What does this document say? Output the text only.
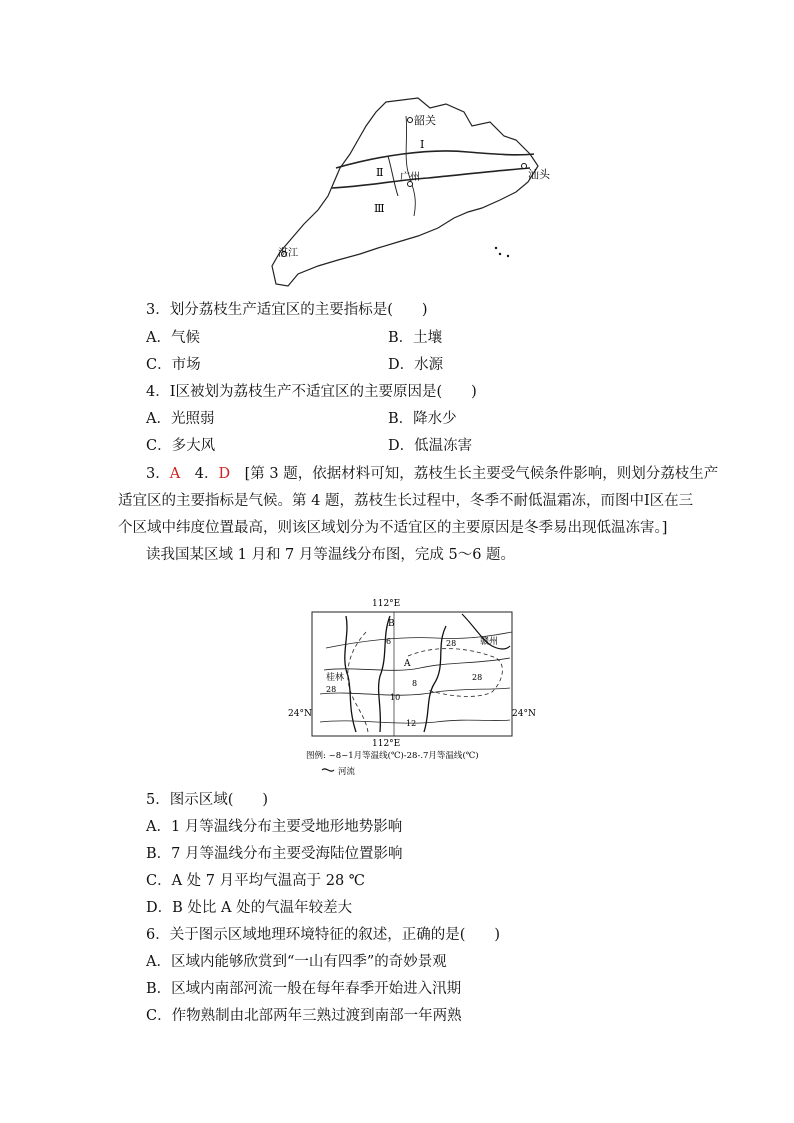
韶关
Ⅰ
Ⅱ 广州	汕头
Ⅲ
湛江
3．划分荔枝生产适宜区的主要指标是(　　)
A．气候	B．土壤
C．市场	D．水源
4．Ⅰ区被划为荔枝生产不适宜区的主要原因是(　　)
A．光照弱	B．降水少
C．多大风	D．低温冻害
3．A　4．D　[第 3 题，依据材料可知，荔枝生长主要受气候条件影响，则划分荔枝生产
适宜区的主要指标是气候。第 4 题，荔枝生长过程中，冬季不耐低温霜冻，而图中Ⅰ区在三
个区域中纬度位置最高，则该区域划分为不适宜区的主要原因是冬季易出现低温冻害。]
读我国某区域 1 月和 7 月等温线分布图，完成 5～6 题。
112°E
B
6	28	赣州
A
28
桂林
8
28
10
24°N	24°N
12
112°E
图例: ~8~1月等温线(℃)-28-.7月等温线(℃)
河流
5．图示区域(　　)
A．1 月等温线分布主要受地形地势影响
B．7 月等温线分布主要受海陆位置影响
C．A 处 7 月平均气温高于 28 ℃
D．B 处比 A 处的气温年较差大
6．关于图示区域地理环境特征的叙述，正确的是(　　)
A．区域内能够欣赏到“一山有四季”的奇妙景观
B．区域内南部河流一般在每年春季开始进入汛期
C．作物熟制由北部两年三熟过渡到南部一年两熟
